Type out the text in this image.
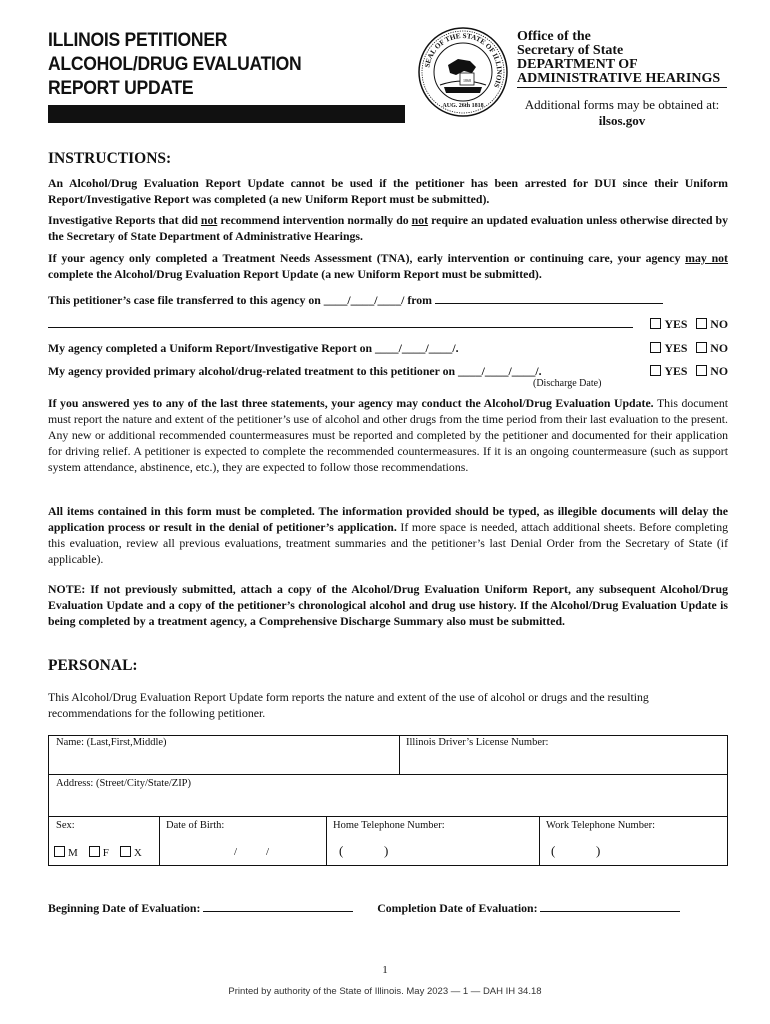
ILLINOIS PETITIONER
ALCOHOL/DRUG EVALUATION
REPORT UPDATE
SEAL OF THE STATE OF ILLINOIS
1868
AUG. 26th 1818
Office of the
Secretary of State
DEPARTMENT OF
ADMINISTRATIVE HEARINGS
Additional forms may be obtained at:
ilsos.gov
INSTRUCTIONS:
An Alcohol/Drug Evaluation Report Update cannot be used if the petitioner has been arrested for DUI since their Uniform Report/Investigative Report was completed (a new Uniform Report must be submitted).
Investigative Reports that did not recommend intervention normally do not require an updated evaluation unless otherwise directed by the Secretary of State Department of Administrative Hearings.
If your agency only completed a Treatment Needs Assessment (TNA), early intervention or continuing care, your agency may not complete the Alcohol/Drug Evaluation Report Update (a new Uniform Report must be submitted).
This petitioner’s case file transferred to this agency on ____/____/____/ from
YES NO
My agency completed a Uniform Report/Investigative Report on ____/____/____/.	YES NO
My agency provided primary alcohol/drug-related treatment to this petitioner on ____/____/____/.	YES NO
(Discharge Date)
If you answered yes to any of the last three statements, your agency may conduct the Alcohol/Drug Evaluation Update. This document must report the nature and extent of the petitioner’s use of alcohol and other drugs from the time period from their last evaluation to the present. Any new or additional recommended countermeasures must be reported and completed by the petitioner and documented for their application for driving relief. A petitioner is expected to complete the recommended countermeasures. If it is an ongoing countermeasure (such as support system attendance, abstinence, etc.), they are expected to follow those recommendations.
All items contained in this form must be completed. The information provided should be typed, as illegible documents will delay the application process or result in the denial of petitioner’s application. If more space is needed, attach additional sheets. Before completing this evaluation, review all previous evaluations, treatment summaries and the petitioner’s last Denial Order from the Secretary of State (if applicable).
NOTE: If not previously submitted, attach a copy of the Alcohol/Drug Evaluation Uniform Report, any subsequent Alcohol/Drug Evaluation Update and a copy of the petitioner’s chronological alcohol and drug use history. If the Alcohol/Drug Evaluation Update is being completed by a treatment agency, a Comprehensive Discharge Summary also must be submitted.
PERSONAL:
This Alcohol/Drug Evaluation Report Update form reports the nature and extent of the use of alcohol or drugs and the resulting recommendations for the following petitioner.
Name: (Last,First,Middle)	Illinois Driver’s License Number:
Address: (Street/City/State/ZIP)
Sex:
M F X
Date of Birth:
/	/
Home Telephone Number:
(	)
Work Telephone Number:
(	)
Beginning Date of Evaluation:	Completion Date of Evaluation:
1
Printed by authority of the State of Illinois. May 2023 — 1 — DAH IH 34.18
